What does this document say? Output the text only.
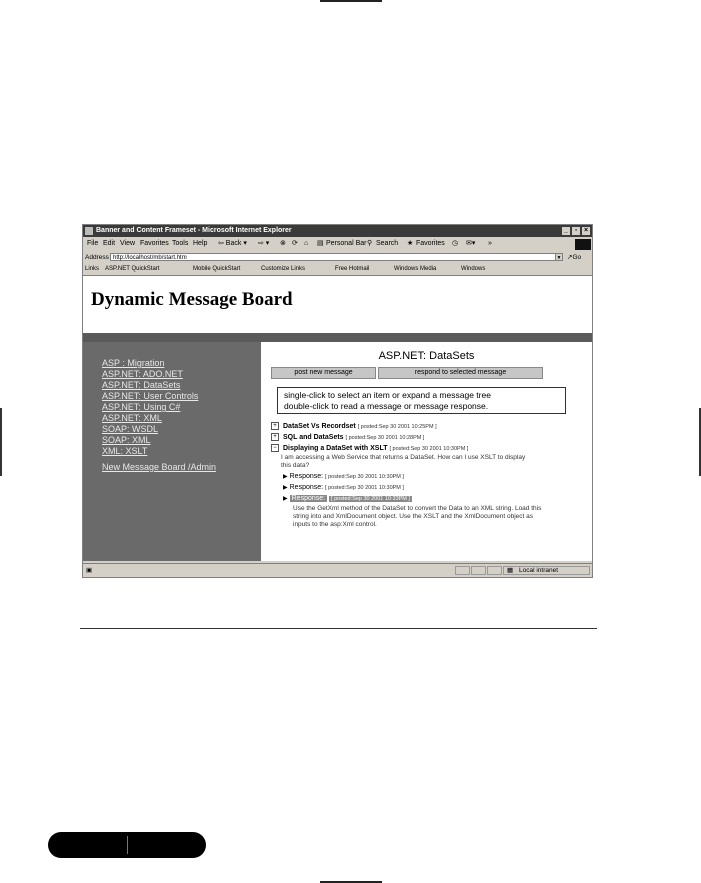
Banner and Content Frameset - Microsoft Internet Explorer	_ ▫ ×
File Edit View Favorites Tools Help ⇦ Back ▾ ⇨ ▾ ⊗ ⟳ ⌂ ▤ Personal Bar ⚲ Search ★ Favorites ◷ ✉▾ »
Address http://localhost/mb/start.htm	▼ ↗Go
Links ASP.NET QuickStart	Mobile QuickStart	Customize Links	Free Hotmail	Windows Media	Windows
Dynamic Message Board
ASP : Migration
ASP.NET: ADO.NET
ASP.NET: DataSets
ASP.NET: User Controls
ASP.NET: Using C#
ASP.NET: XML
SOAP: WSDL
SOAP: XML
XML: XSLT
New Message Board /Admin
ASP.NET: DataSets
post new message	respond to selected message
single-click to select an item or expand a message tree
double-click to read a message or message response.
+ DataSet Vs Recordset [ posted:Sep 30 2001 10:25PM ]
+ SQL and DataSets [ posted:Sep 30 2001 10:28PM ]
− Displaying a DataSet with XSLT [ posted:Sep 30 2001 10:30PM ]
I am accessing a Web Service that returns a DataSet. How can I use XSLT to display
this data?
▶ Response: [ posted:Sep 30 2001 10:30PM ]
▶ Response: [ posted:Sep 30 2001 10:30PM ]
▶ Response: [ posted:Sep 30 2001 10:33PM ]
Use the GetXml method of the DataSet to convert the Data to an XML string. Load this
string into and XmlDocument object. Use the XSLT and the XmlDocument object as
inputs to the asp:Xml control.
▣	▦ Local intranet
